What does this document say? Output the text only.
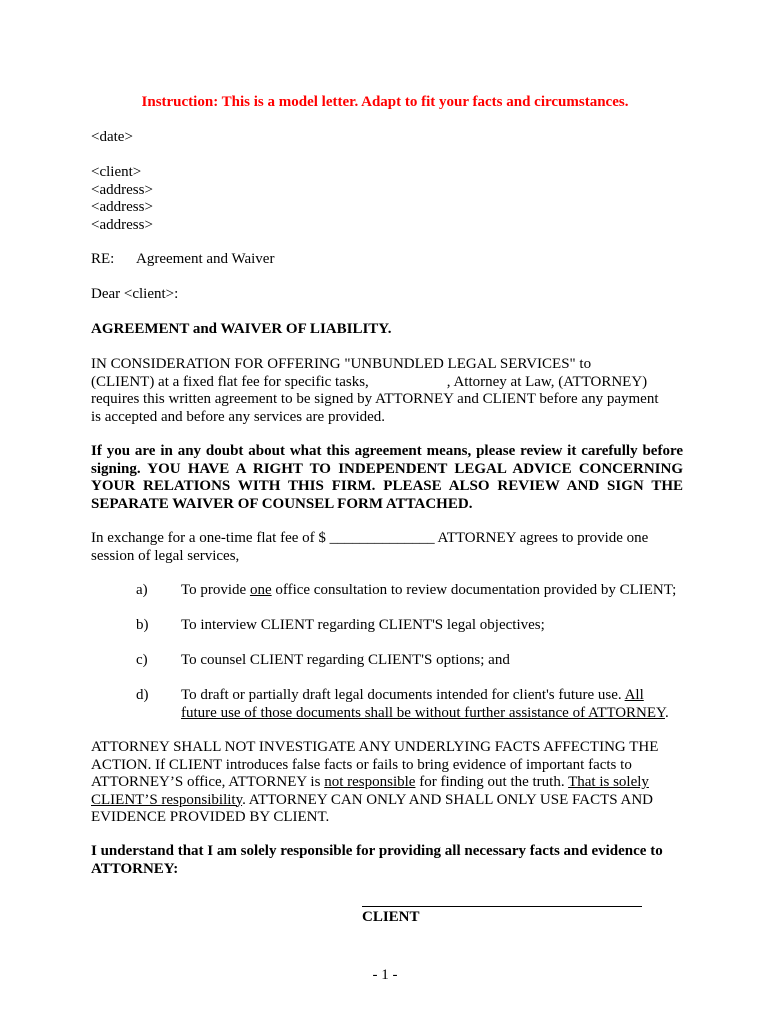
Instruction: This is a model letter. Adapt to fit your facts and circumstances.
<date>

<client>

<address>

<address>

<address>

RE: Agreement and Waiver
Dear <client>:
AGREEMENT and WAIVER OF LIABILITY.

IN CONSIDERATION FOR OFFERING "UNBUNDLED LEGAL SERVICES" to

(CLIENT) at a fixed flat fee for specific tasks,	, Attorney at Law, (ATTORNEY)

requires this written agreement to be signed by ATTORNEY and CLIENT before any payment

is accepted and before any services are provided.

If you are in any doubt about what this agreement means, please review it carefully before signing. YOU HAVE A RIGHT TO INDEPENDENT LEGAL ADVICE CONCERNING YOUR RELATIONS WITH THIS FIRM. PLEASE ALSO REVIEW AND SIGN THE SEPARATE WAIVER OF COUNSEL FORM ATTACHED.

In exchange for a one-time flat fee of $ ______________ ATTORNEY agrees to provide one

session of legal services,

a) To provide one office consultation to review documentation provided by CLIENT;
b) To interview CLIENT regarding CLIENT'S legal objectives;
c) To counsel CLIENT regarding CLIENT'S options; and
d) To draft or partially draft legal documents intended for client's future use. All
future use of those documents shall be without further assistance of ATTORNEY.

ATTORNEY SHALL NOT INVESTIGATE ANY UNDERLYING FACTS AFFECTING THE

ACTION. If CLIENT introduces false facts or fails to bring evidence of important facts to

ATTORNEY’S office, ATTORNEY is not responsible for finding out the truth. That is solely

CLIENT’S responsibility. ATTORNEY CAN ONLY AND SHALL ONLY USE FACTS AND

EVIDENCE PROVIDED BY CLIENT.

I understand that I am solely responsible for providing all necessary facts and evidence to ATTORNEY:
CLIENT
- 1 -
